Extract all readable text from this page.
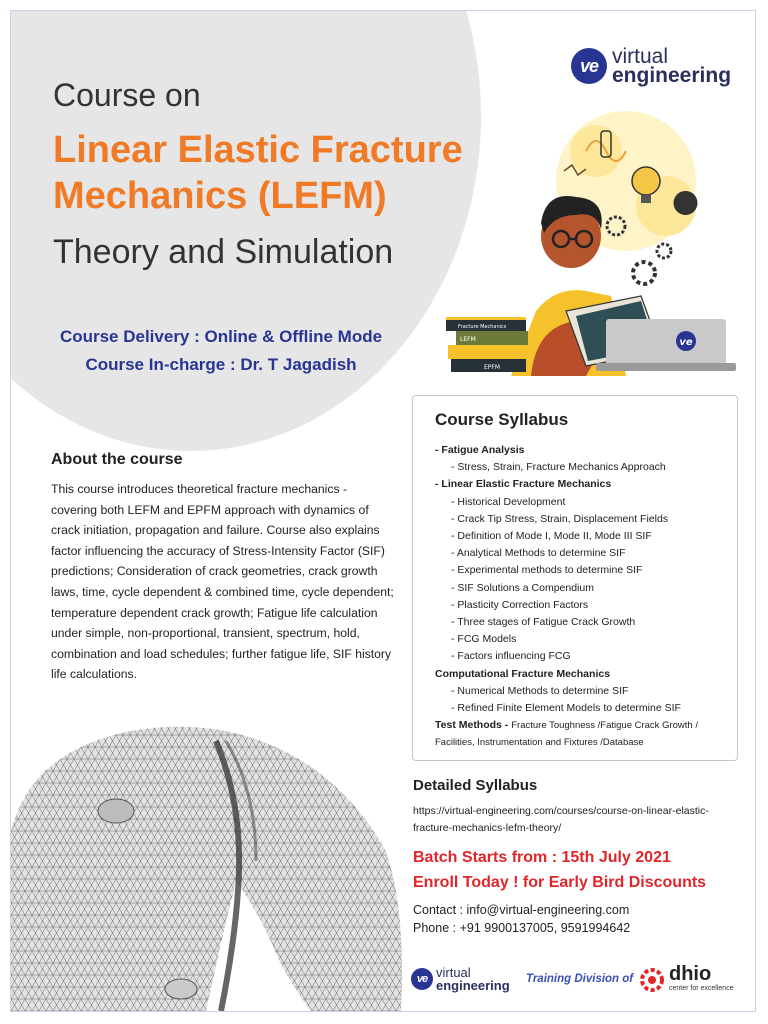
Course on
Linear Elastic Fracture
Mechanics (LEFM)
Theory and Simulation
Course Delivery : Online & Offline Mode
Course In-charge : Dr. T Jagadish
ve virtual
engineering
ve
Fracture Mechanics
LEFM
EPFM
About the course
This course introduces theoretical fracture mechanics - covering both LEFM and EPFM approach with dynamics of crack initiation, propagation and failure. Course also explains factor influencing the accuracy of Stress-Intensity Factor (SIF) predictions; Consideration of crack geometries, crack growth laws, time, cycle dependent & combined time, cycle dependent; temperature dependent crack growth; Fatigue life calculation under simple, non-proportional, transient, spectrum, hold, combination and load schedules; further fatigue life, SIF history life calculations.
Course Syllabus
- Fatigue Analysis
- Stress, Strain, Fracture Mechanics Approach
- Linear Elastic Fracture Mechanics
- Historical Development
- Crack Tip Stress, Strain, Displacement Fields
- Definition of Mode I, Mode II, Mode III SIF
- Analytical Methods to determine SIF
- Experimental methods to determine SIF
- SIF Solutions a Compendium
- Plasticity Correction Factors
- Three stages of Fatigue Crack Growth
- FCG Models
- Factors influencing FCG
Computational Fracture Mechanics
- Numerical Methods to determine SIF
- Refined Finite Element Models to determine SIF
Test Methods - Fracture Toughness /Fatigue Crack Growth /
Facilities, Instrumentation and Fixtures /Database
Detailed Syllabus
https://virtual-engineering.com/courses/course-on-linear-elastic-
fracture-mechanics-lefm-theory/
Batch Starts from : 15th July 2021
Enroll Today ! for Early Bird Discounts
Contact : info@virtual-engineering.com
Phone : +91 9900137005, 9591994642
ve virtual
engineering Training Division of dhio
center for excellence
